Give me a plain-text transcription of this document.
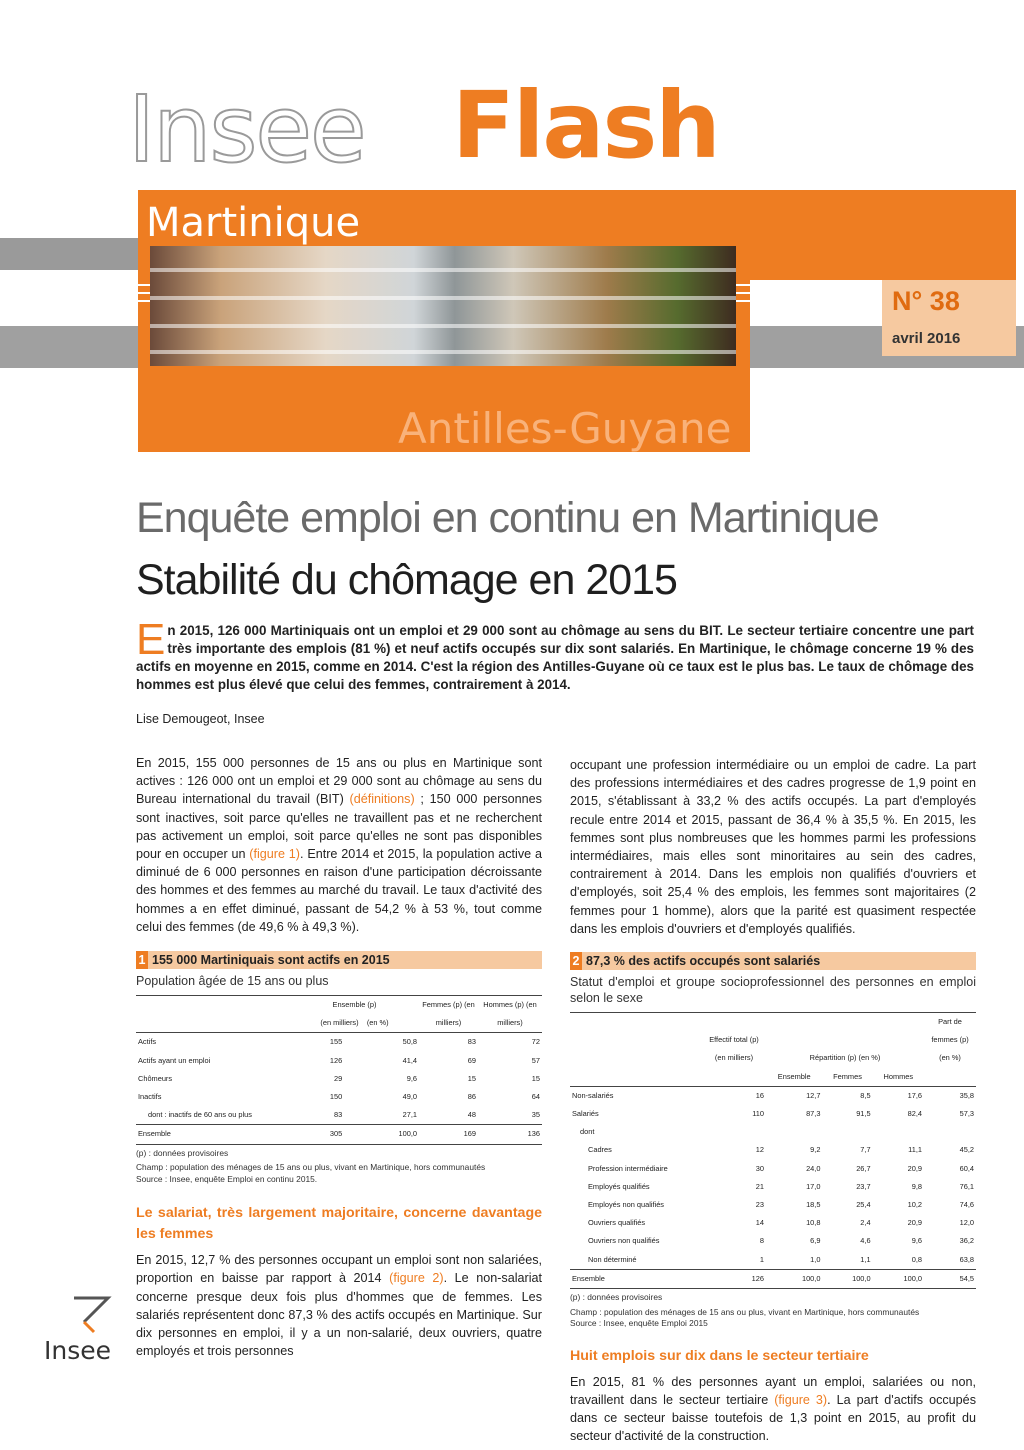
Insee Flash
Martinique
Antilles-Guyane
N° 38
avril 2016
Enquête emploi en continu en Martinique
Stabilité du chômage en 2015
En 2015, 126 000 Martiniquais ont un emploi et 29 000 sont au chômage au sens du BIT. Le secteur tertiaire concentre une part très importante des emplois (81 %) et neuf actifs occupés sur dix sont salariés. En Martinique, le chômage concerne 19 % des actifs en moyenne en 2015, comme en 2014. C'est la région des Antilles-Guyane où ce taux est le plus bas. Le taux de chômage des hommes est plus élevé que celui des femmes, contrairement à 2014.
Lise Demougeot, Insee
En 2015, 155 000 personnes de 15 ans ou plus en Martinique sont actives : 126 000 ont un emploi et 29 000 sont au chômage au sens du Bureau international du travail (BIT) (définitions) ; 150 000 personnes sont inactives, soit parce qu'elles ne travaillent pas et ne recherchent pas activement un emploi, soit parce qu'elles ne sont pas disponibles pour en occuper un (figure 1). Entre 2014 et 2015, la population active a diminué de 6 000 personnes en raison d'une participation décroissante des hommes et des femmes au marché du travail. Le taux d'activité des hommes a en effet diminué, passant de 54,2 % à 53 %, tout comme celui des femmes (de 49,6 % à 49,3 %).
1 155 000 Martiniquais sont actifs en 2015
Population âgée de 15 ans ou plus
	Ensemble (p)
(en milliers) (en %)		Femmes (p) (en milliers)	Hommes (p) (en milliers)
Actifs	155	50,8	83	72
Actifs ayant un emploi	126	41,4	69	57
Chômeurs	29	9,6	15	15
Inactifs	150	49,0	86	64
dont : inactifs de 60 ans ou plus	83	27,1	48	35
Ensemble	305	100,0	169	136
(p) : données provisoires
Champ : population des ménages de 15 ans ou plus, vivant en Martinique, hors communautés
Source : Insee, enquête Emploi en continu 2015.
Le salariat, très largement majoritaire, concerne davantage les femmes
En 2015, 12,7 % des personnes occupant un emploi sont non salariées, proportion en baisse par rapport à 2014 (figure 2). Le non-salariat concerne presque deux fois plus d'hommes que de femmes. Les salariés représentent donc 87,3 % des actifs occupés en Martinique. Sur dix personnes en emploi, il y a un non-salarié, deux ouvriers, quatre employés et trois personnes
occupant une profession intermédiaire ou un emploi de cadre. La part des professions intermédiaires et des cadres progresse de 1,9 point en 2015, s'établissant à 33,2 % des actifs occupés. La part d'employés recule entre 2014 et 2015, passant de 36,4 % à 35,5 %. En 2015, les femmes sont plus nombreuses que les hommes parmi les professions intermédiaires, mais elles sont minoritaires au sein des cadres, contrairement à 2014. Dans les emplois non qualifiés d'ouvriers et d'employés, soit 25,4 % des emplois, les femmes sont majoritaires (2 femmes pour 1 homme), alors que la parité est quasiment respectée dans les emplois d'ouvriers et d'employés qualifiés.
2 87,3 % des actifs occupés sont salariés
Statut d'emploi et groupe socioprofessionnel des personnes en emploi selon le sexe
	Effectif total (p)
(en milliers)	Répartition (p) (en %)			Part de femmes (p)
(en %)
		Ensemble	Femmes	Hommes	
Non-salariés	16	12,7	8,5	17,6	35,8
Salariés	110	87,3	91,5	82,4	57,3
dont					
Cadres	12	9,2	7,7	11,1	45,2
Profession intermédiaire	30	24,0	26,7	20,9	60,4
Employés qualifiés	21	17,0	23,7	9,8	76,1
Employés non qualifiés	23	18,5	25,4	10,2	74,6
Ouvriers qualifiés	14	10,8	2,4	20,9	12,0
Ouvriers non qualifiés	8	6,9	4,6	9,6	36,2
Non déterminé	1	1,0	1,1	0,8	63,8
Ensemble	126	100,0	100,0	100,0	54,5
(p) : données provisoires
Champ : population des ménages de 15 ans ou plus, vivant en Martinique, hors communautés
Source : Insee, enquête Emploi 2015
Huit emplois sur dix dans le secteur tertiaire
En 2015, 81 % des personnes ayant un emploi, salariées ou non, travaillent dans le secteur tertiaire (figure 3). La part d'actifs occupés dans ce secteur baisse toutefois de 1,3 point en 2015, au profit du secteur d'activité de la construction.
Insee
